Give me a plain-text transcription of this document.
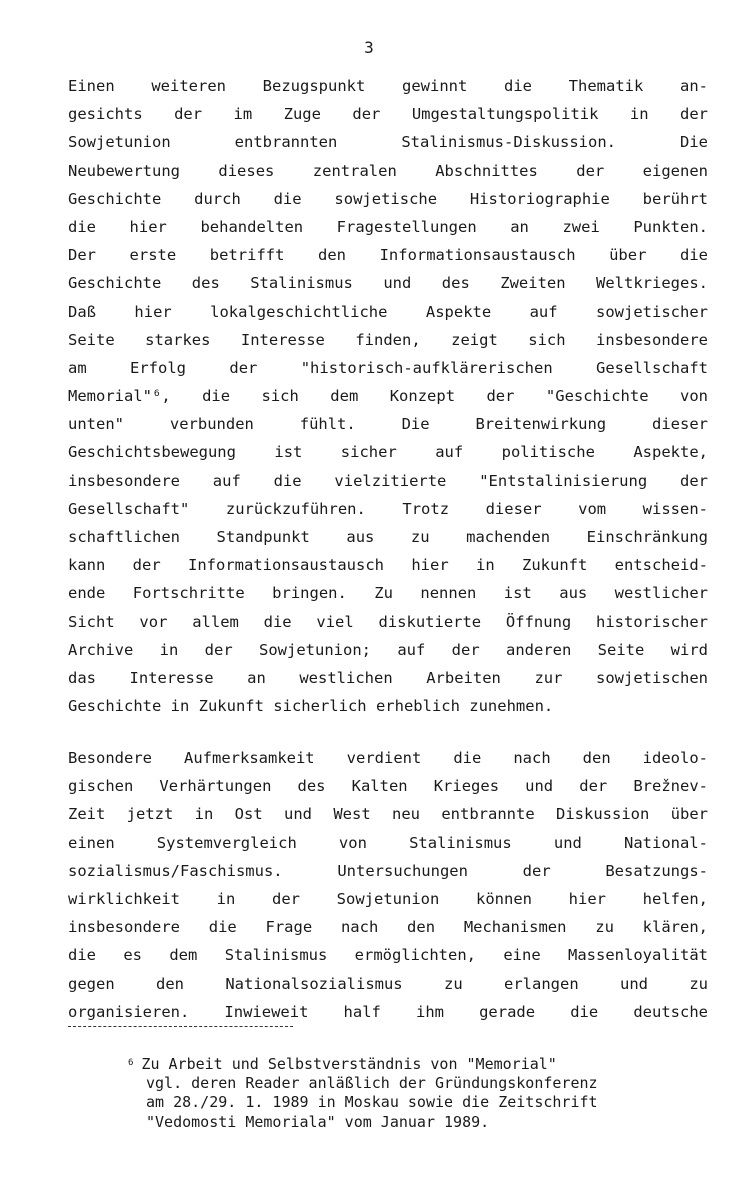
3
Einen weiteren Bezugspunkt gewinnt die Thematik an-
gesichts der im Zuge der Umgestaltungspolitik in der
Sowjetunion entbrannten Stalinismus-Diskussion. Die
Neubewertung dieses zentralen Abschnittes der eigenen
Geschichte durch die sowjetische Historiographie berührt
die hier behandelten Fragestellungen an zwei Punkten.
Der erste betrifft den Informationsaustausch über die
Geschichte des Stalinismus und des Zweiten Weltkrieges.
Daß hier lokalgeschichtliche Aspekte auf sowjetischer
Seite starkes Interesse finden, zeigt sich insbesondere
am Erfolg der "historisch-aufklärerischen Gesellschaft
Memorial"⁶, die sich dem Konzept der "Geschichte von
unten" verbunden fühlt. Die Breitenwirkung dieser
Geschichtsbewegung ist sicher auf politische Aspekte,
insbesondere auf die vielzitierte "Entstalinisierung der
Gesellschaft" zurückzuführen. Trotz dieser vom wissen-
schaftlichen Standpunkt aus zu machenden Einschränkung
kann der Informationsaustausch hier in Zukunft entscheid-
ende Fortschritte bringen. Zu nennen ist aus westlicher
Sicht vor allem die viel diskutierte Öffnung historischer
Archive in der Sowjetunion; auf der anderen Seite wird
das Interesse an westlichen Arbeiten zur sowjetischen
Geschichte in Zukunft sicherlich erheblich zunehmen.
Besondere Aufmerksamkeit verdient die nach den ideolo-
gischen Verhärtungen des Kalten Krieges und der Brežnev-
Zeit jetzt in Ost und West neu entbrannte Diskussion über
einen Systemvergleich von Stalinismus und National-
sozialismus/Faschismus. Untersuchungen der Besatzungs-
wirklichkeit in der Sowjetunion können hier helfen,
insbesondere die Frage nach den Mechanismen zu klären,
die es dem Stalinismus ermöglichten, eine Massenloyalität
gegen den Nationalsozialismus zu erlangen und zu
organisieren. Inwieweit half ihm gerade die deutsche
$^6$ Zu Arbeit und Selbstverständnis von "Memorial"
vgl. deren Reader anläßlich der Gründungskonferenz
am 28./29. 1. 1989 in Moskau sowie die Zeitschrift
"Vedomosti Memoriala" vom Januar 1989.
